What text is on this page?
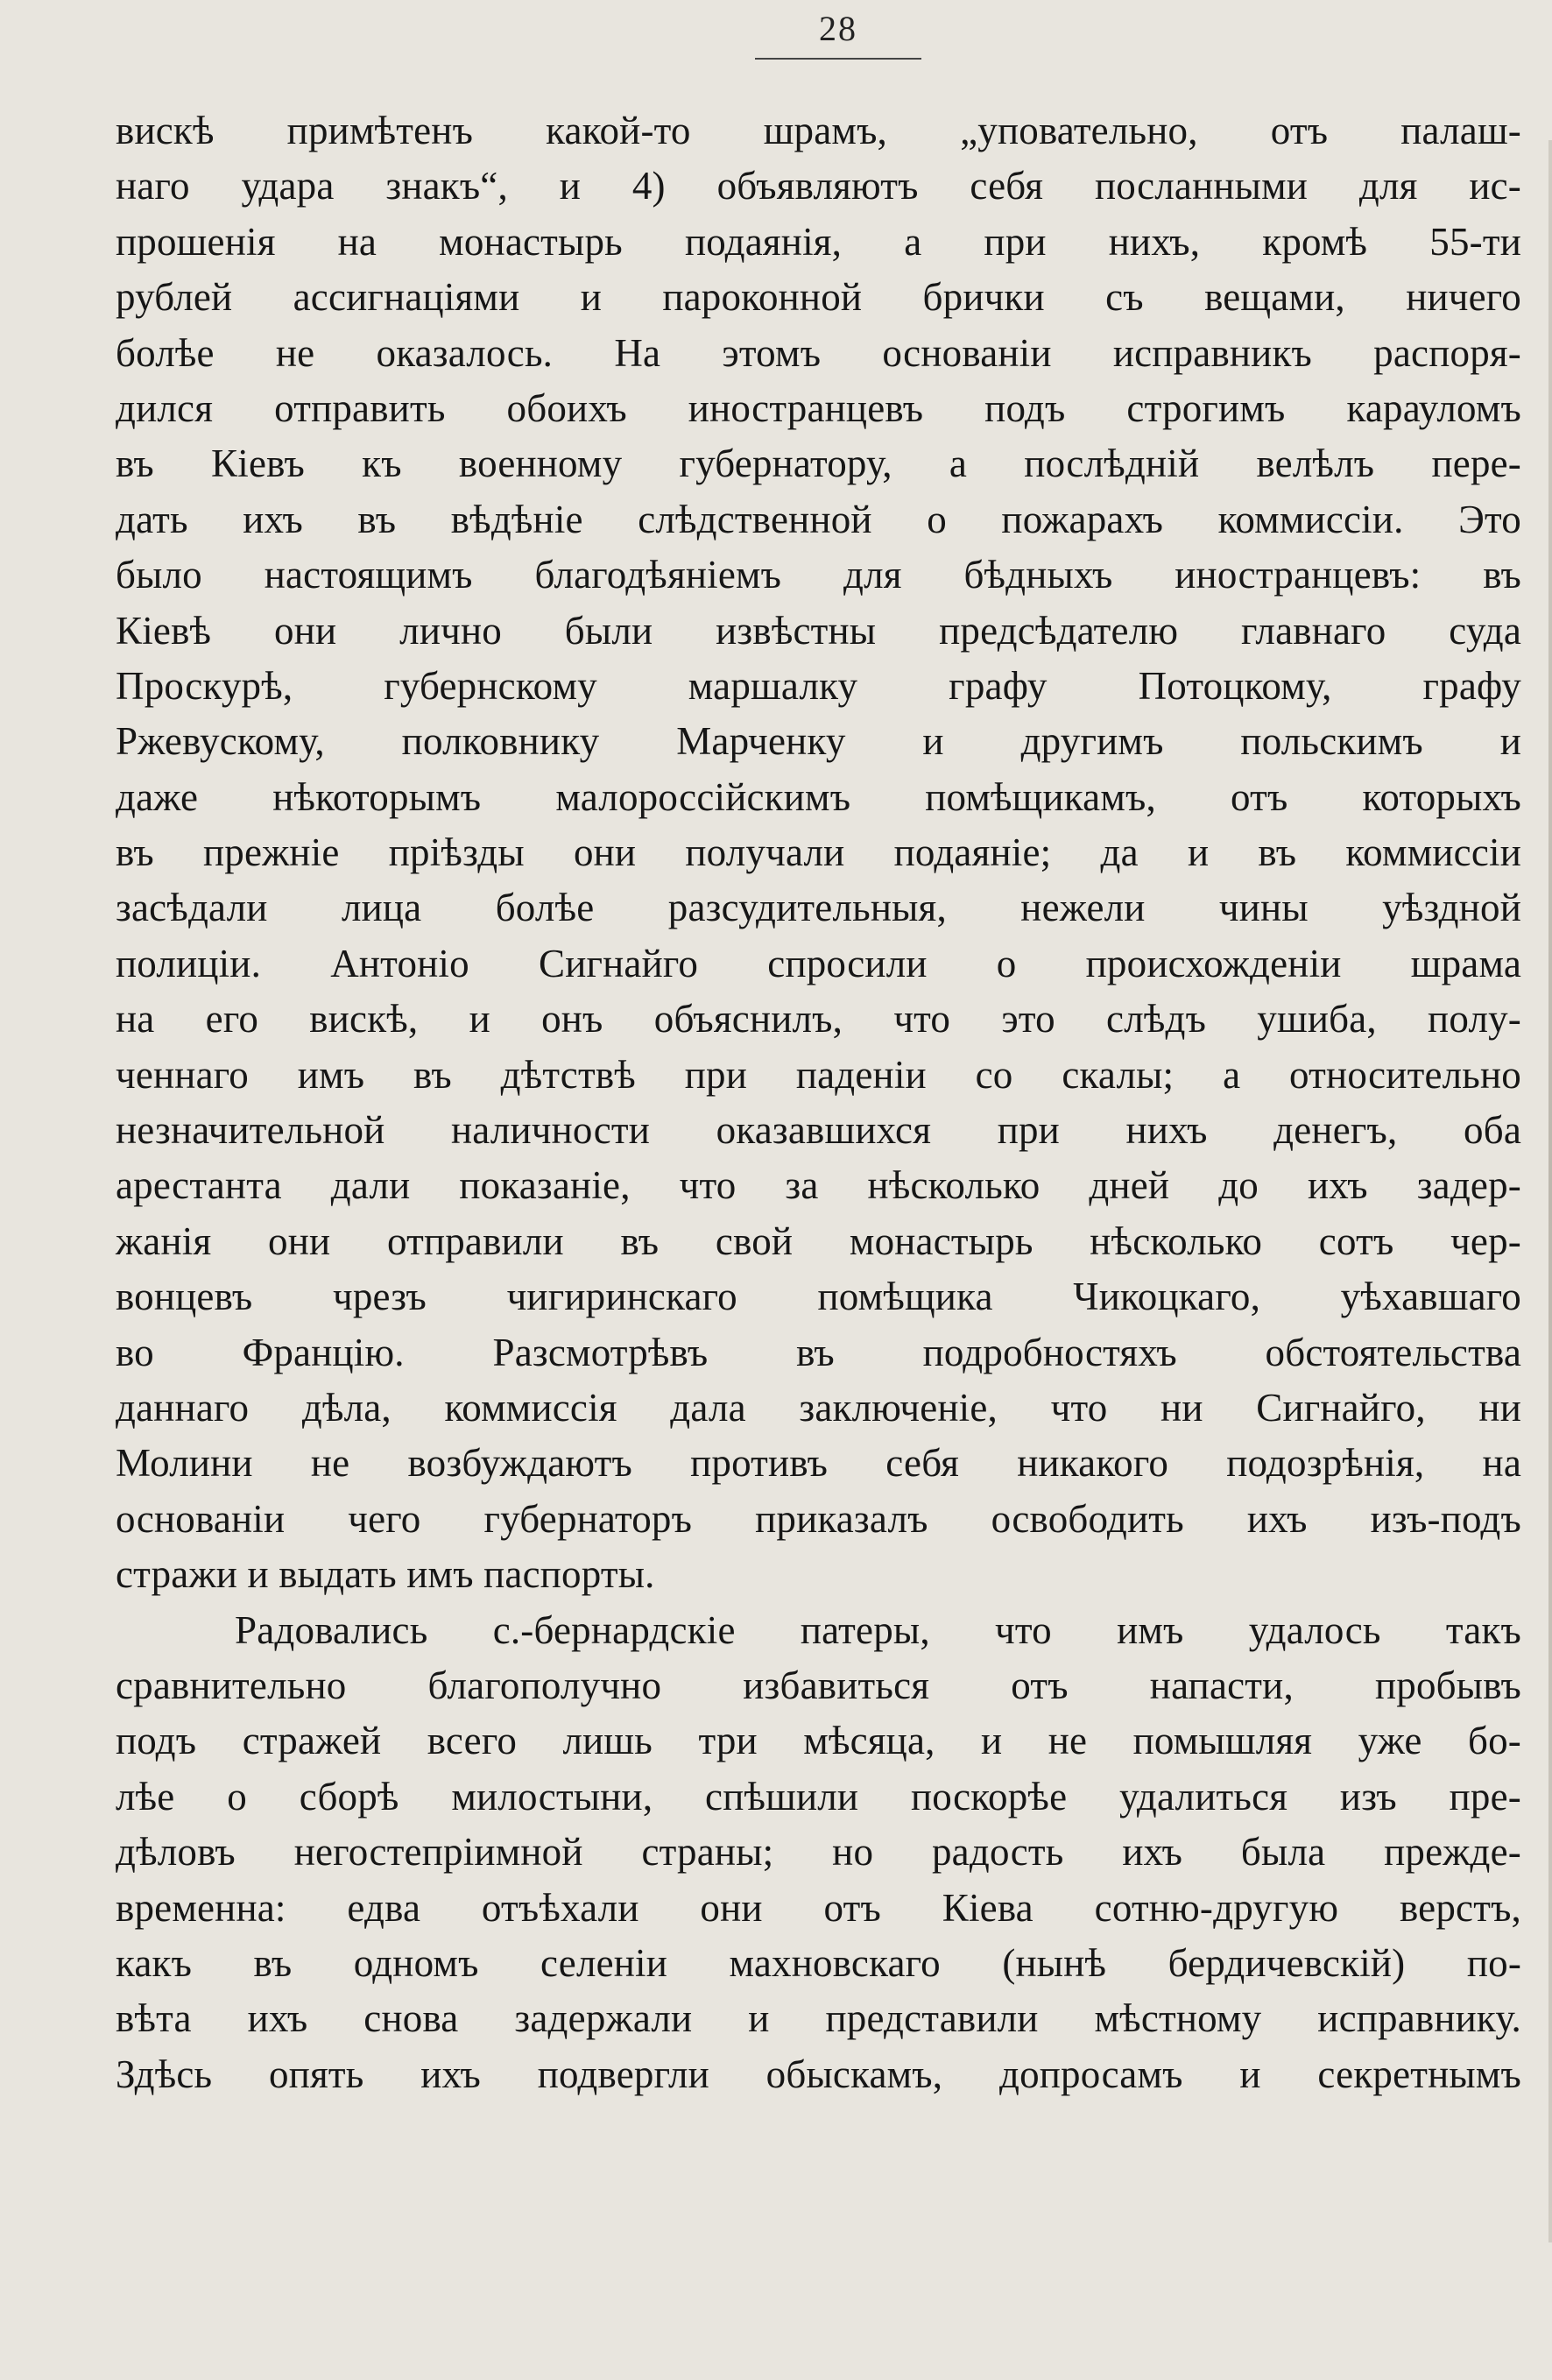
28
вискѣ примѣтенъ какой-то шрамъ, „уповательно, отъ палаш-
наго удара знакъ“, и 4) объявляютъ себя посланными для ис-
прошенія на монастырь подаянія, а при нихъ, кромѣ 55-ти
рублей ассигнаціями и пароконной брички съ вещами, ничего
болѣе не оказалось. На этомъ основаніи исправникъ распоря-
дился отправить обоихъ иностранцевъ подъ строгимъ карауломъ
въ Кіевъ къ военному губернатору, а послѣдній велѣлъ пере-
дать ихъ въ вѣдѣніе слѣдственной о пожарахъ коммиссіи. Это
было настоящимъ благодѣяніемъ для бѣдныхъ иностранцевъ: въ
Кіевѣ они лично были извѣстны предсѣдателю главнаго суда
Проскурѣ, губернскому маршалку графу Потоцкому, графу
Ржевускому, полковнику Марченку и другимъ польскимъ и
даже нѣкоторымъ малороссійскимъ помѣщикамъ, отъ которыхъ
въ прежніе пріѣзды они получали подаяніе; да и въ коммиссіи
засѣдали лица болѣе разсудительныя, нежели чины уѣздной
полиціи. Антоніо Сигнайго спросили о происхожденіи шрама
на его вискѣ, и онъ объяснилъ, что это слѣдъ ушиба, полу-
ченнаго имъ въ дѣтствѣ при паденіи со скалы; а относительно
незначительной наличности оказавшихся при нихъ денегъ, оба
арестанта дали показаніе, что за нѣсколько дней до ихъ задер-
жанія они отправили въ свой монастырь нѣсколько сотъ чер-
вонцевъ чрезъ чигиринскаго помѣщика Чикоцкаго, уѣхавшаго
во Францію. Разсмотрѣвъ въ подробностяхъ обстоятельства
даннаго дѣла, коммиссія дала заключеніе, что ни Сигнайго, ни
Молини не возбуждаютъ противъ себя никакого подозрѣнія, на
основаніи чего губернаторъ приказалъ освободить ихъ изъ-подъ
стражи и выдать имъ паспорты.
Радовались с.-бернардскіе патеры, что имъ удалось такъ
сравнительно благополучно избавиться отъ напасти, пробывъ
подъ стражей всего лишь три мѣсяца, и не помышляя уже бо-
лѣе о сборѣ милостыни, спѣшили поскорѣе удалиться изъ пре-
дѣловъ негостепріимной страны; но радость ихъ была прежде-
временна: едва отъѣхали они отъ Кіева сотню-другую верстъ,
какъ въ одномъ селеніи махновскаго (нынѣ бердичевскій) по-
вѣта ихъ снова задержали и представили мѣстному исправнику.
Здѣсь опять ихъ подвергли обыскамъ, допросамъ и секретнымъ
